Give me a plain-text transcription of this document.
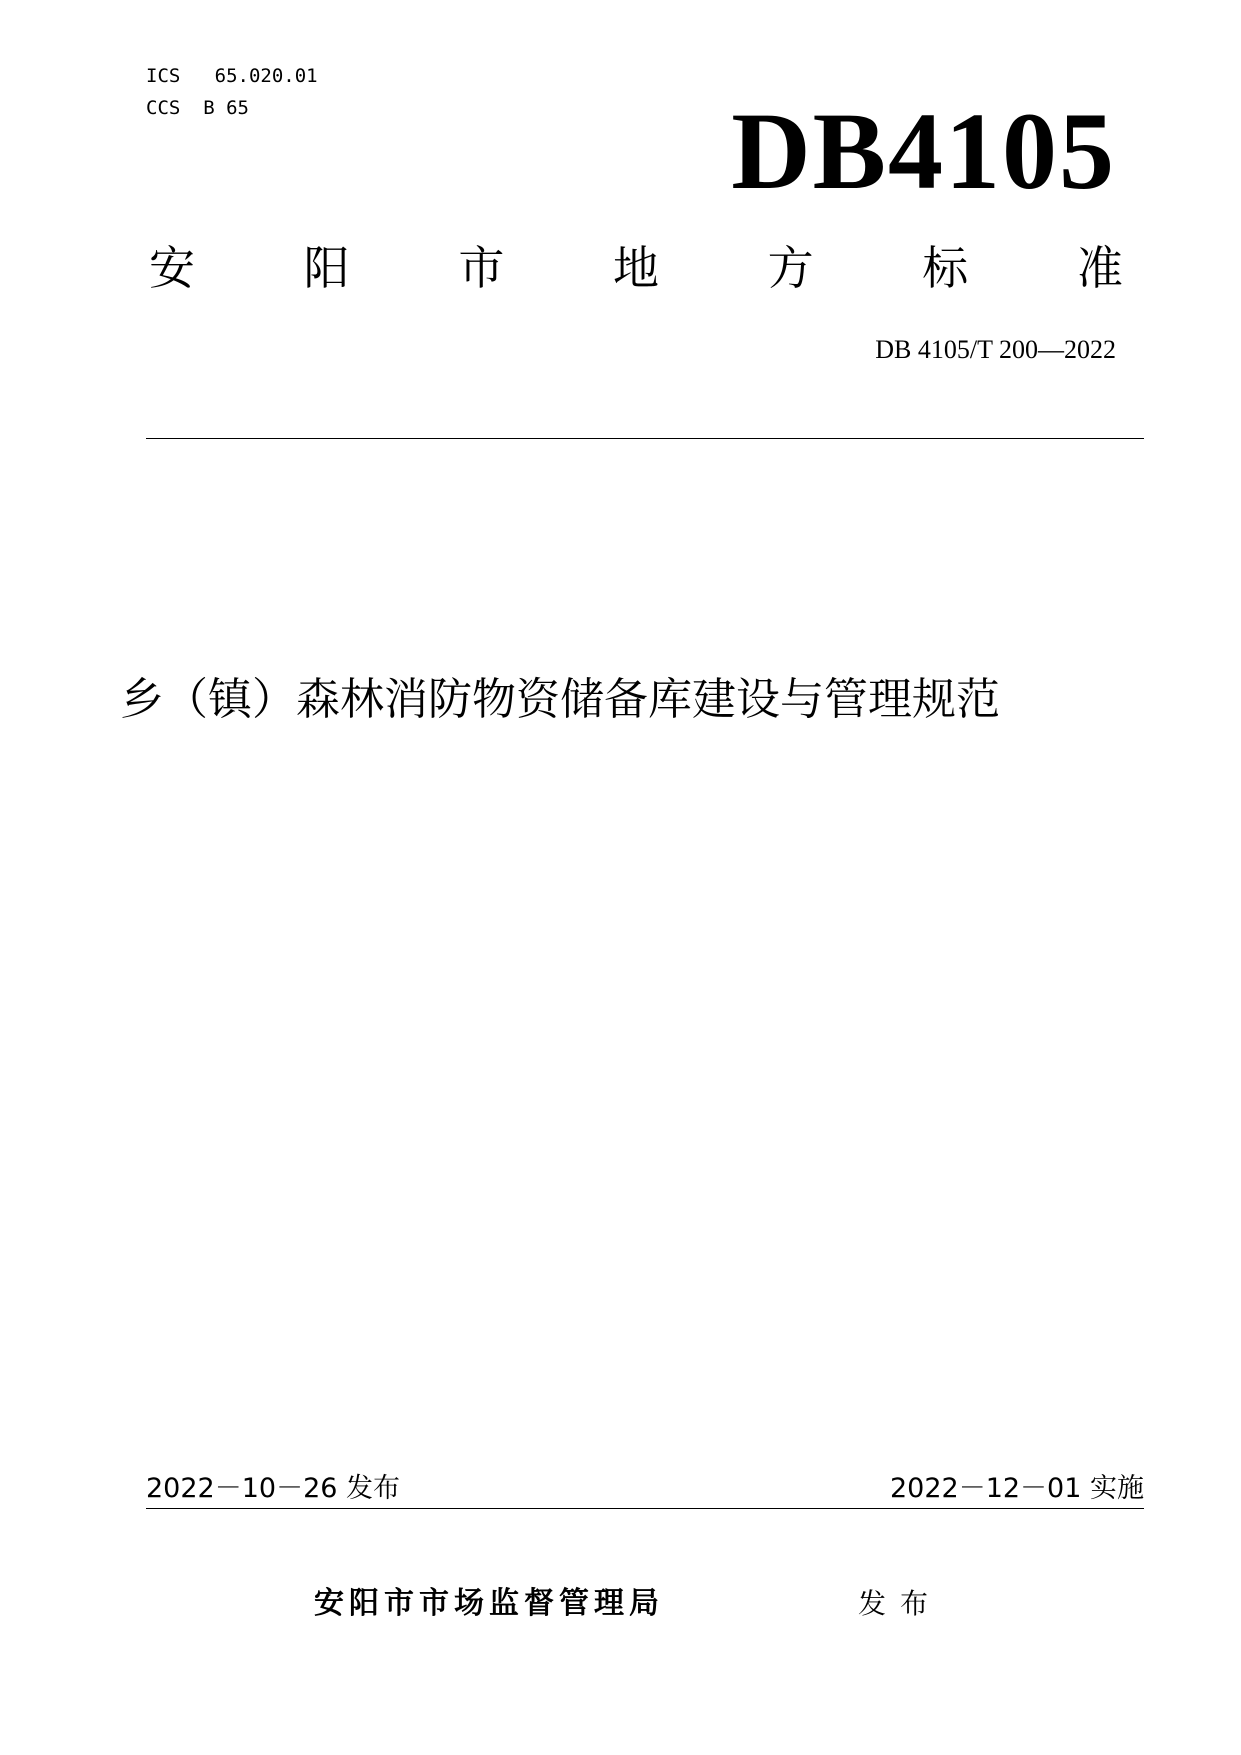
ICS 65.020.01
CCS B 65	DB4105
安 阳 市 地 方 标 准
DB 4105/T 200—2022
乡（镇）森林消防物资储备库建设与管理规范
2022－10－26 发布	2022－12－01 实施
安阳市市场监督管理局	发布
